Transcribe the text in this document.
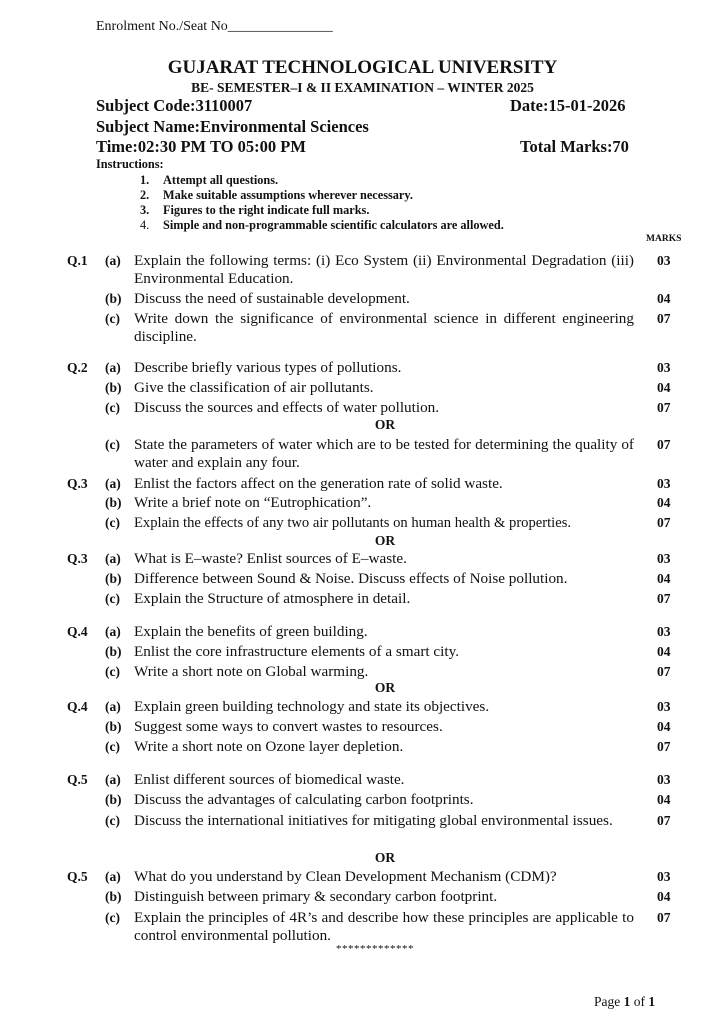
Enrolment No./Seat No_______________
GUJARAT TECHNOLOGICAL UNIVERSITY
BE- SEMESTER–I & II EXAMINATION – WINTER 2025
Subject Code:3110007	Date:15-01-2026
Subject Name:Environmental Sciences
Time:02:30 PM TO 05:00 PM	Total Marks:70
Instructions:
1. Attempt all questions.
2. Make suitable assumptions wherever necessary.
3. Figures to the right indicate full marks.
4. Simple and non-programmable scientific calculators are allowed.
MARKS
Q.1 (a) Explain the following terms: (i) Eco System (ii) Environmental Degradation (iii) Environmental Education.
03
(b) Discuss the need of sustainable development.	04
(c) Write down the significance of environmental science in different engineering discipline.
07
Q.2 (a) Describe briefly various types of pollutions.	03
(b) Give the classification of air pollutants.	04
(c) Discuss the sources and effects of water pollution.	07
OR
(c) State the parameters of water which are to be tested for determining the quality of water and explain any four.
07
Q.3 (a) Enlist the factors affect on the generation rate of solid waste.	03
(b) Write a brief note on “Eutrophication”.	04
(c) Explain the effects of any two air pollutants on human health & properties.	07
OR
Q.3 (a) What is E–waste? Enlist sources of E–waste.	03
(b) Difference between Sound & Noise. Discuss effects of Noise pollution.	04
(c) Explain the Structure of atmosphere in detail.	07
Q.4 (a) Explain the benefits of green building.	03
(b) Enlist the core infrastructure elements of a smart city.	04
(c) Write a short note on Global warming.	07
OR
Q.4 (a) Explain green building technology and state its objectives.	03
(b) Suggest some ways to convert wastes to resources.	04
(c) Write a short note on Ozone layer depletion.	07
Q.5 (a) Enlist different sources of biomedical waste.	03
(b) Discuss the advantages of calculating carbon footprints.	04
(c) Discuss the international initiatives for mitigating global environmental issues.	07
OR
Q.5 (a) What do you understand by Clean Development Mechanism (CDM)?	03
(b) Distinguish between primary & secondary carbon footprint.	04
(c) Explain the principles of 4R’s and describe how these principles are applicable to control environmental pollution.
07
*************
Page 1 of 1
